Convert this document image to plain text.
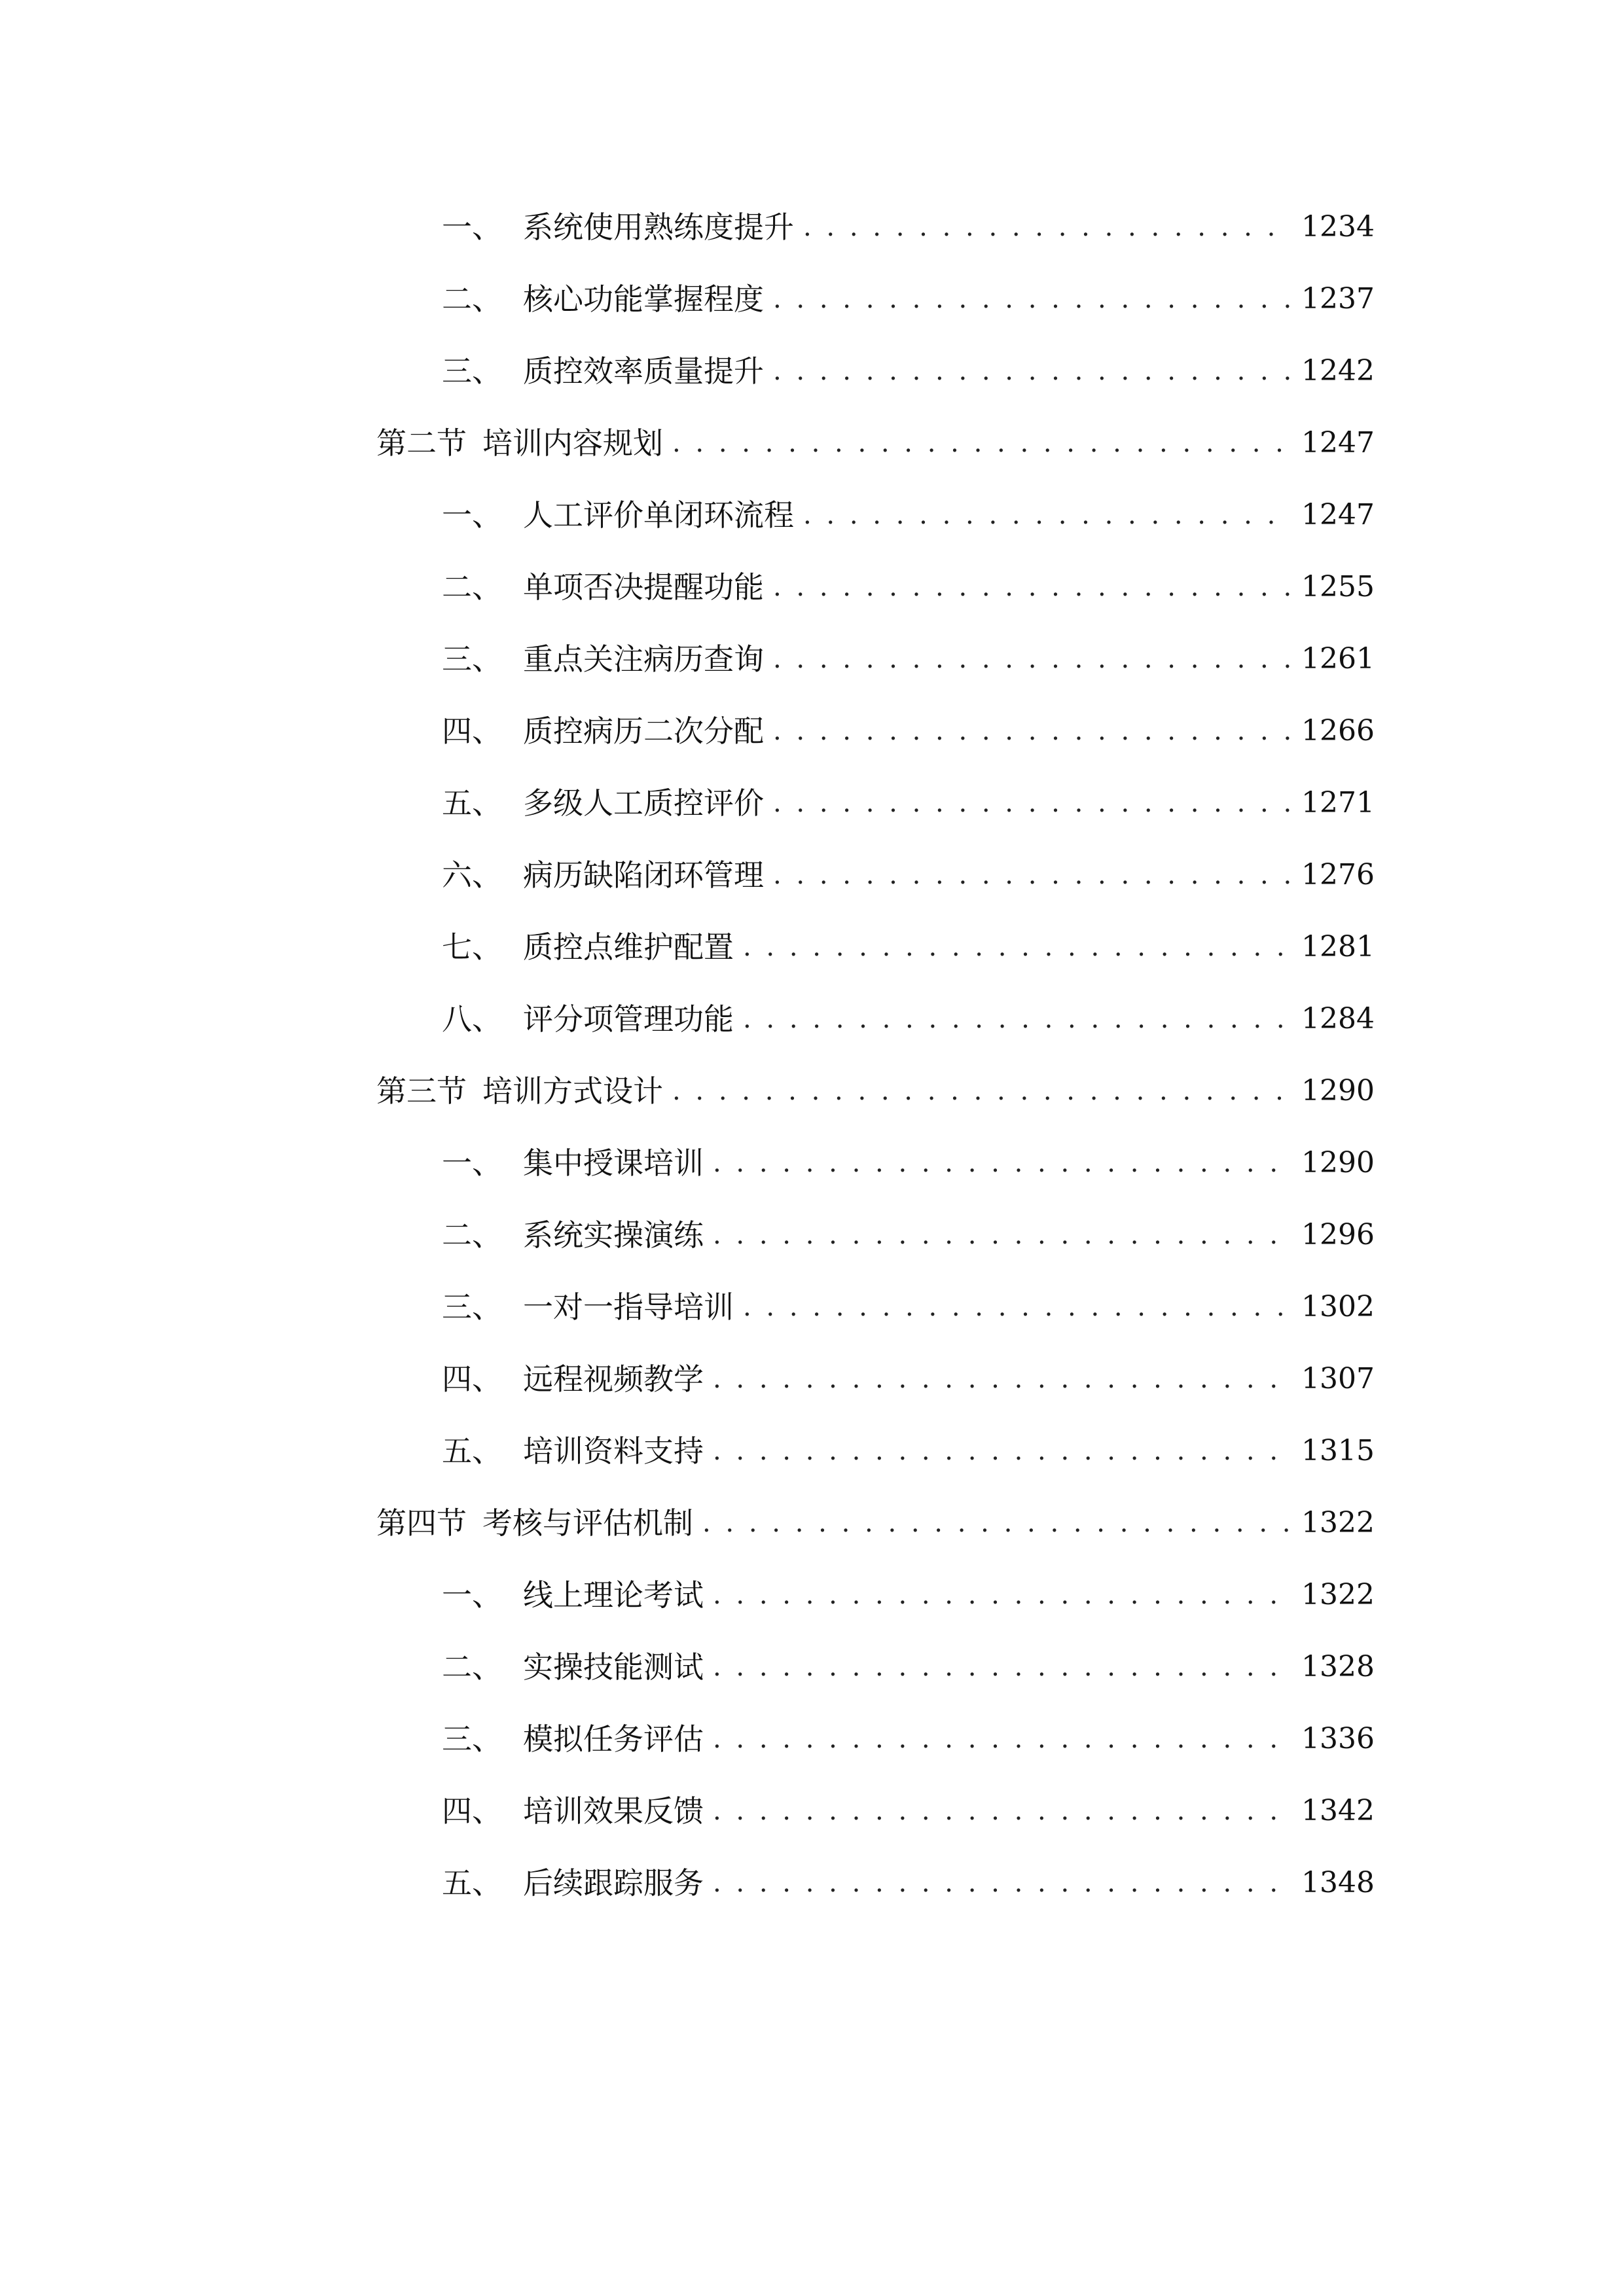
一、 系统使用熟练度提升 . . .	1234
二、 核心功能掌握程度 . . .	1237
三、 质控效率质量提升 . . .	1242
第二节 培训内容规划 . . .	1247
一、 人工评价单闭环流程 . . .	1247
二、 单项否决提醒功能 . . .	1255
三、 重点关注病历查询 . . .	1261
四、 质控病历二次分配 . . .	1266
五、 多级人工质控评价 . . .	1271
六、 病历缺陷闭环管理 . . .	1276
七、 质控点维护配置 . . .	1281
八、 评分项管理功能 . . .	1284
第三节 培训方式设计 . . .	1290
一、 集中授课培训 . . .	1290
二、 系统实操演练 . . .	1296
三、 一对一指导培训 . . .	1302
四、 远程视频教学 . . .	1307
五、 培训资料支持 . . .	1315
第四节 考核与评估机制 . . .	1322
一、 线上理论考试 . . .	1322
二、 实操技能测试 . . .	1328
三、 模拟任务评估 . . .	1336
四、 培训效果反馈 . . .	1342
五、 后续跟踪服务 . . .	1348
